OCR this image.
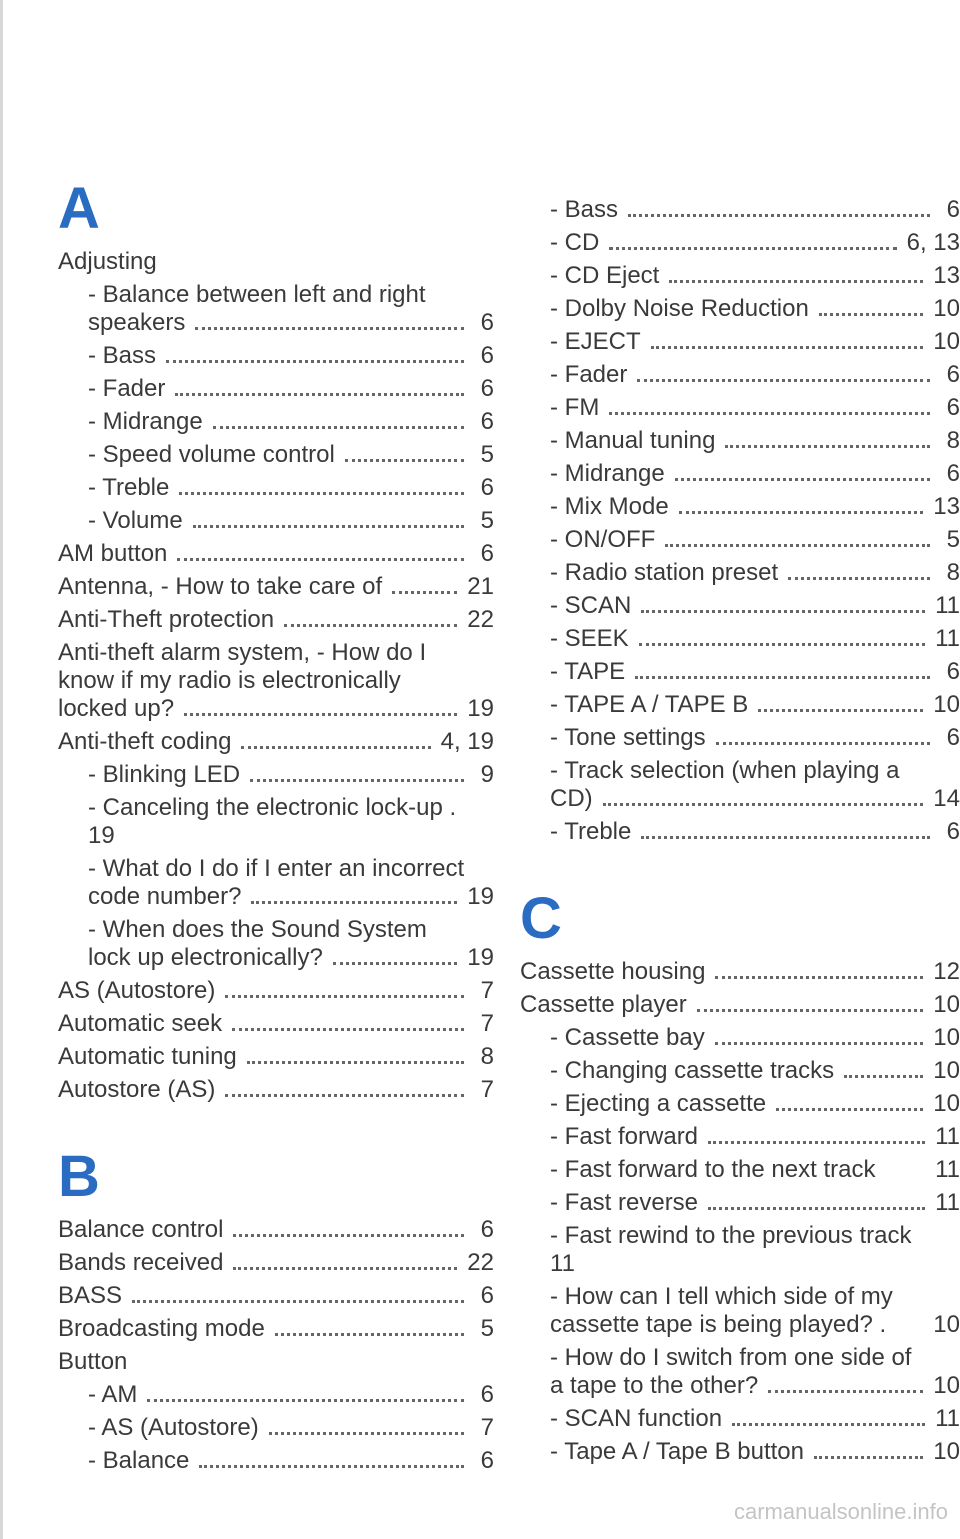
A
Adjusting
- Balance between left and right
speakers	6
- Bass	6
- Fader	6
- Midrange	6
- Speed volume control	5
- Treble	6
- Volume	5
AM button	6
Antenna, - How to take care of	21
Anti-Theft protection	22
Anti-theft alarm system, - How do I
know if my radio is electronically
locked up?	19
Anti-theft coding	4, 19
- Blinking LED	9
- Canceling the electronic lock-up .
19
- What do I do if I enter an incorrect
code number?	19
- When does the Sound System
lock up electronically?	19
AS (Autostore)	7
Automatic seek	7
Automatic tuning	8
Autostore (AS)	7
B
Balance control	6
Bands received	22
BASS	6
Broadcasting mode	5
Button
- AM	6
- AS (Autostore)	7
- Balance	6
- Bass	6
- CD	6, 13
- CD Eject	13
- Dolby Noise Reduction	10
- EJECT	10
- Fader	6
- FM	6
- Manual tuning	8
- Midrange	6
- Mix Mode	13
- ON/OFF	5
- Radio station preset	8
- SCAN	11
- SEEK	11
- TAPE	6
- TAPE A / TAPE B	10
- Tone settings	6
- Track selection (when playing a
CD)	14
- Treble	6
C
Cassette housing	12
Cassette player	10
- Cassette bay	10
- Changing cassette tracks	10
- Ejecting a cassette	10
- Fast forward	11
- Fast forward to the next track 11
- Fast reverse	11
- Fast rewind to the previous track
11
- How can I tell which side of my
cassette tape is being played? . 10
- How do I switch from one side of
a tape to the other?	10
- SCAN function	11
- Tape A / Tape B button	10
carmanualsonline.info
